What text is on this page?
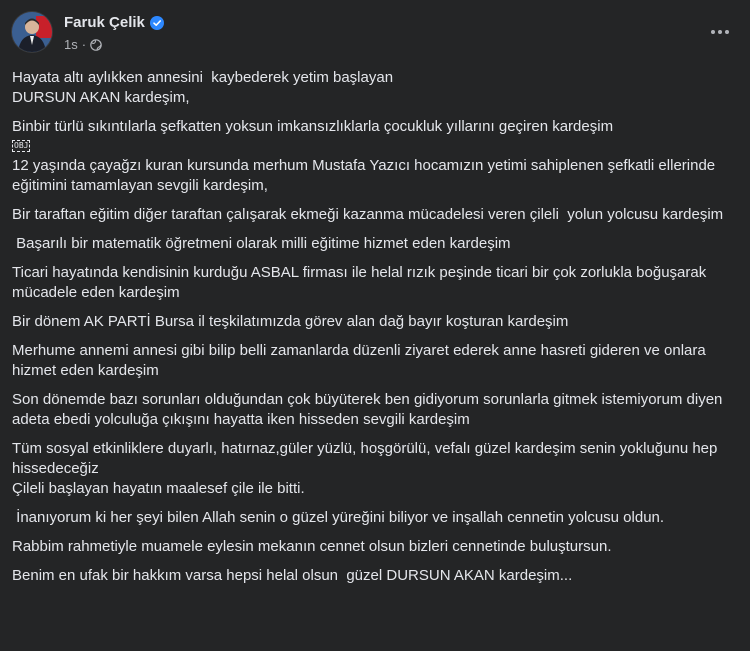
Faruk Çelik
1s ·

Hayata altı aylıkken annesini  kaybederek yetim başlayan
DURSUN AKAN kardeşim,

Binbir türlü sıkıntılarla şefkatten yoksun imkansızlıklarla çocukluk yıllarını geçiren kardeşim

OBJ

12 yaşında çayağzı kuran kursunda merhum Mustafa Yazıcı hocamızın yetimi sahiplenen şefkatli ellerinde eğitimini tamamlayan sevgili kardeşim,

Bir taraftan eğitim diğer taraftan çalışarak ekmeği kazanma mücadelesi veren çileli  yolun yolcusu kardeşim

Başarılı bir matematik öğretmeni olarak milli eğitime hizmet eden kardeşim

Ticari hayatında kendisinin kurduğu ASBAL firması ile helal rızık peşinde ticari bir çok zorlukla boğuşarak mücadele eden kardeşim

Bir dönem AK PARTİ Bursa il teşkilatımızda görev alan dağ bayır koşturan kardeşim

Merhume annemi annesi gibi bilip belli zamanlarda düzenli ziyaret ederek anne hasreti gideren ve onlara hizmet eden kardeşim

Son dönemde bazı sorunları olduğundan çok büyüterek ben gidiyorum sorunlarla gitmek istemiyorum diyen adeta ebedi yolculuğa çıkışını hayatta iken hisseden sevgili kardeşim

Tüm sosyal etkinliklere duyarlı, hatırnaz,güler yüzlü, hoşgörülü, vefalı güzel kardeşim senin yokluğunu hep hissedeceğiz
Çileli başlayan hayatın maalesef çile ile bitti.

İnanıyorum ki her şeyi bilen Allah senin o güzel yüreğini biliyor ve inşallah cennetin yolcusu oldun.

Rabbim rahmetiyle muamele eylesin mekanın cennet olsun bizleri cennetinde buluştursun.

Benim en ufak bir hakkım varsa hepsi helal olsun  güzel DURSUN AKAN kardeşim...
